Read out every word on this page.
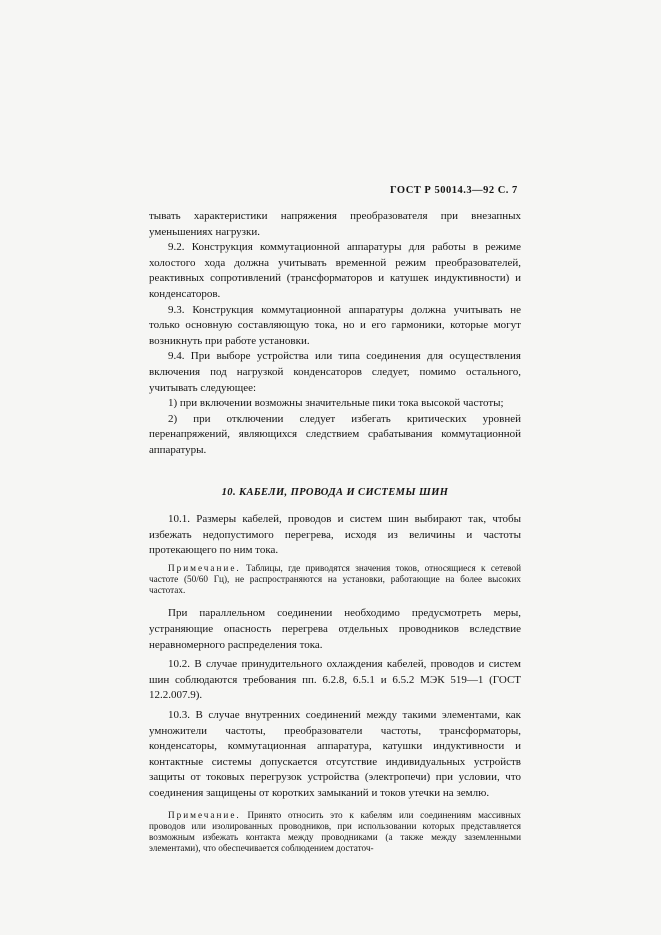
ГОСТ Р 50014.3—92 С. 7

тывать характеристики напряжения преобразователя при внезапных уменьшениях нагрузки.

9.2. Конструкция коммутационной аппаратуры для работы в режиме холостого хода должна учитывать временной режим преобразователей, реактивных сопротивлений (трансформаторов и катушек индуктивности) и конденсаторов.

9.3. Конструкция коммутационной аппаратуры должна учитывать не только основную составляющую тока, но и его гармоники, которые могут возникнуть при работе установки.

9.4. При выборе устройства или типа соединения для осуществления включения под нагрузкой конденсаторов следует, помимо остального, учитывать следующее:

1) при включении возможны значительные пики тока высокой частоты;

2) при отключении следует избегать критических уровней перенапряжений, являющихся следствием срабатывания коммутационной аппаратуры.

10. КАБЕЛИ, ПРОВОДА И СИСТЕМЫ ШИН

10.1. Размеры кабелей, проводов и систем шин выбирают так, чтобы избежать недопустимого перегрева, исходя из величины и частоты протекающего по ним тока.

Примечание. Таблицы, где приводятся значения токов, относящиеся к сетевой частоте (50/60 Гц), не распространяются на установки, работающие на более высоких частотах.

При параллельном соединении необходимо предусмотреть меры, устраняющие опасность перегрева отдельных проводников вследствие неравномерного распределения тока.

10.2. В случае принудительного охлаждения кабелей, проводов и систем шин соблюдаются требования пп. 6.2.8, 6.5.1 и 6.5.2 МЭК 519—1 (ГОСТ 12.2.007.9).

10.3. В случае внутренних соединений между такими элементами, как умножители частоты, преобразователи частоты, трансформаторы, конденсаторы, коммутационная аппаратура, катушки индуктивности и контактные системы допускается отсутствие индивидуальных устройств защиты от токовых перегрузок устройства (электропечи) при условии, что соединения защищены от коротких замыканий и токов утечки на землю.

Примечание. Принято относить это к кабелям или соединениям массивных проводов или изолированных проводников, при использовании которых представляется возможным избежать контакта между проводниками (а также между заземленными элементами), что обеспечивается соблюдением достаточ-
